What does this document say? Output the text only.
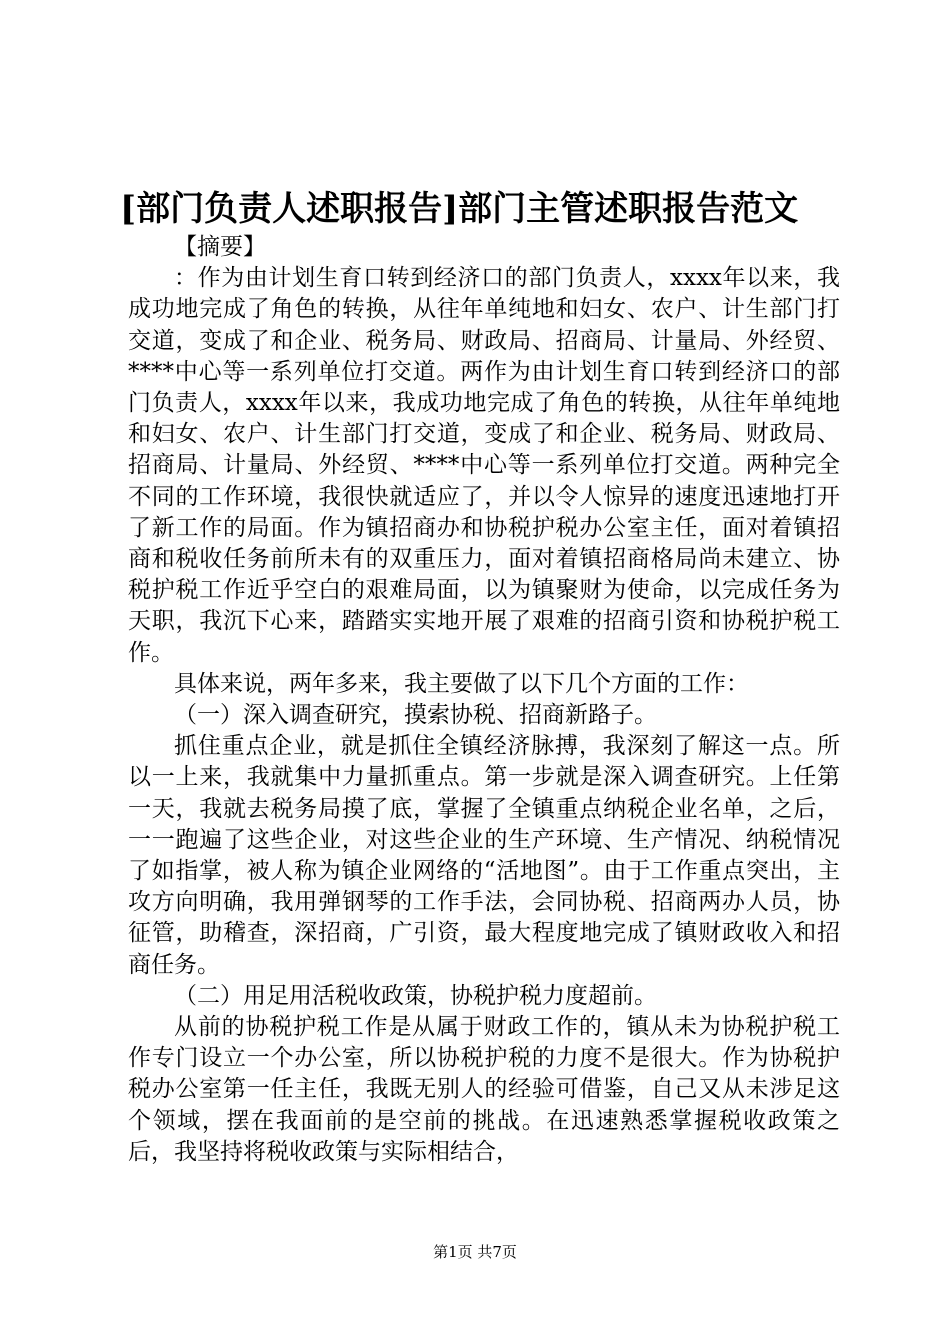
[部门负责人述职报告]部门主管述职报告范文

【摘要】

：作为由计划生育口转到经济口的部门负责人，xxxx年以来，我成功地完成了角色的转换，从往年单纯地和妇女、农户、计生部门打交道，变成了和企业、税务局、财政局、招商局、计量局、外经贸、****中心等一系列单位打交道。两作为由计划生育口转到经济口的部门负责人，xxxx年以来，我成功地完成了角色的转换，从往年单纯地和妇女、农户、计生部门打交道，变成了和企业、税务局、财政局、招商局、计量局、外经贸、****中心等一系列单位打交道。两种完全不同的工作环境，我很快就适应了，并以令人惊异的速度迅速地打开了新工作的局面。作为镇招商办和协税护税办公室主任，面对着镇招商和税收任务前所未有的双重压力，面对着镇招商格局尚未建立、协税护税工作近乎空白的艰难局面，以为镇聚财为使命，以完成任务为天职，我沉下心来，踏踏实实地开展了艰难的招商引资和协税护税工作。

具体来说，两年多来，我主要做了以下几个方面的工作：

（一）深入调查研究，摸索协税、招商新路子。

抓住重点企业，就是抓住全镇经济脉搏，我深刻了解这一点。所以一上来，我就集中力量抓重点。第一步就是深入调查研究。上任第一天，我就去税务局摸了底，掌握了全镇重点纳税企业名单，之后，一一跑遍了这些企业，对这些企业的生产环境、生产情况、纳税情况了如指掌，被人称为镇企业网络的“活地图”。由于工作重点突出，主攻方向明确，我用弹钢琴的工作手法，会同协税、招商两办人员，协征管，助稽查，深招商，广引资，最大程度地完成了镇财政收入和招商任务。

（二）用足用活税收政策，协税护税力度超前。

从前的协税护税工作是从属于财政工作的，镇从未为协税护税工作专门设立一个办公室，所以协税护税的力度不是很大。作为协税护税办公室第一任主任，我既无别人的经验可借鉴，自己又从未涉足这个领域，摆在我面前的是空前的挑战。在迅速熟悉掌握税收政策之后，我坚持将税收政策与实际相结合，

第1页 共7页
